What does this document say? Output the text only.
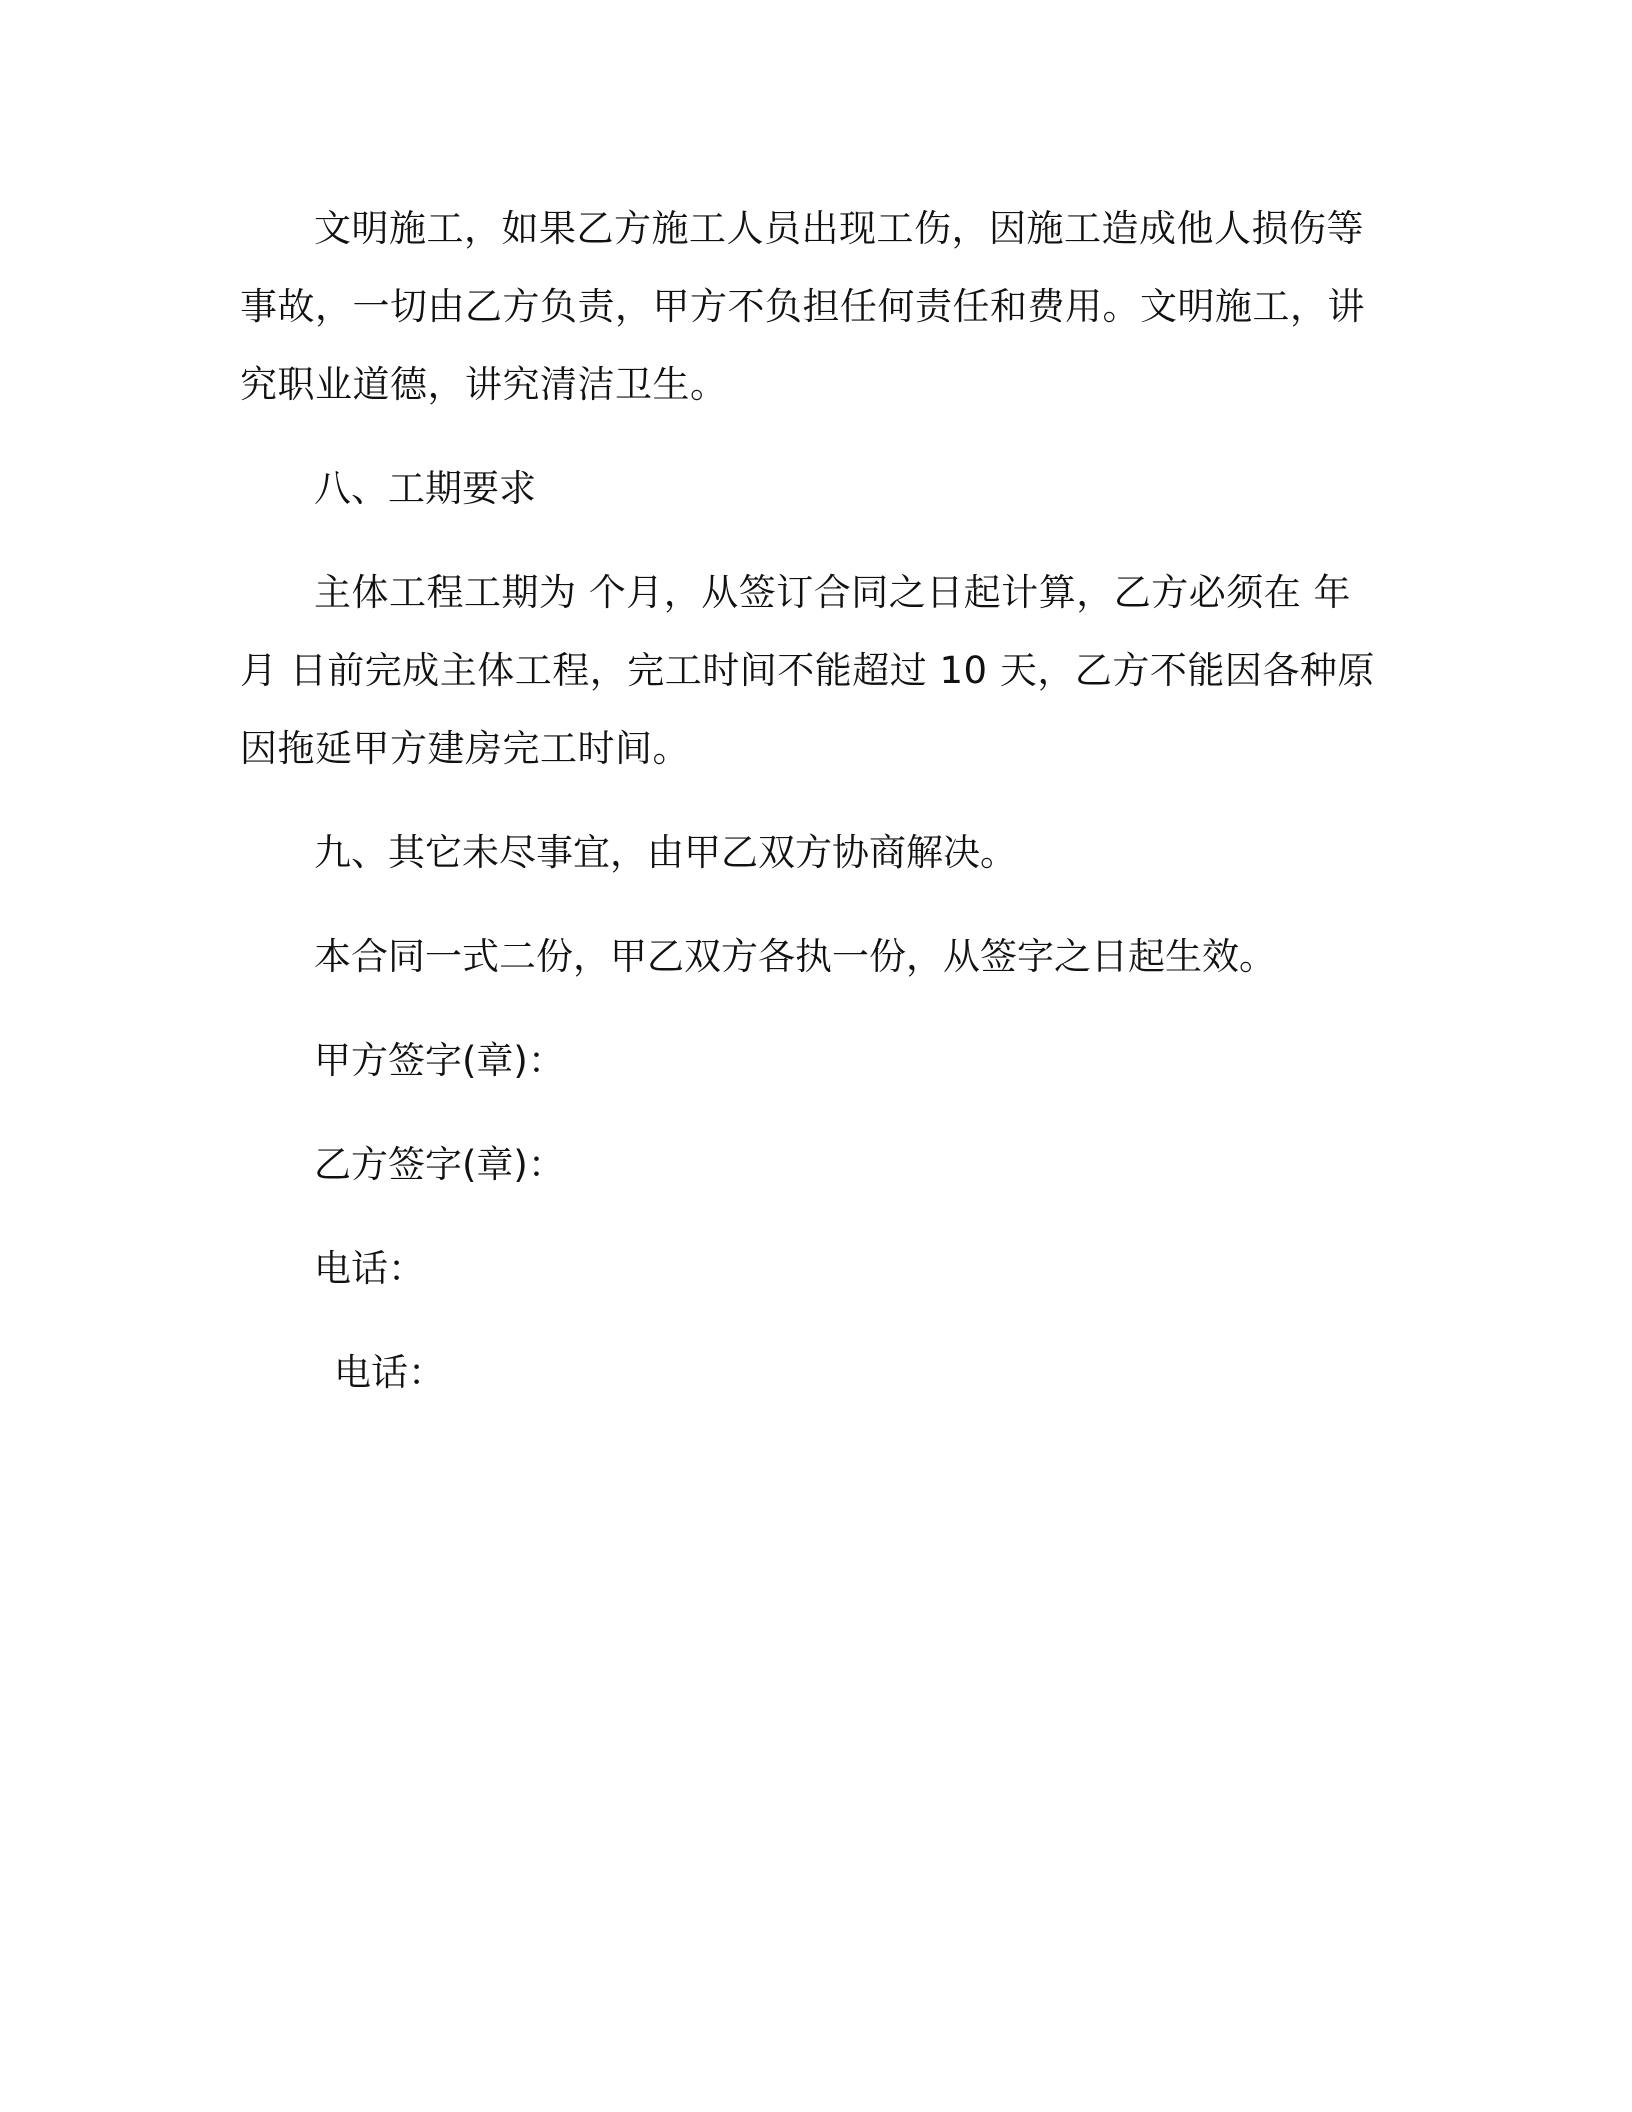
文明施工，如果乙方施工人员出现工伤，因施工造成他人损伤等事故，一切由乙方负责，甲方不负担任何责任和费用。文明施工，讲究职业道德，讲究清洁卫生。

八、工期要求

主体工程工期为 个月，从签订合同之日起计算，乙方必须在 年 月 日前完成主体工程，完工时间不能超过 10 天，乙方不能因各种原因拖延甲方建房完工时间。

九、其它未尽事宜，由甲乙双方协商解决。

本合同一式二份，甲乙双方各执一份，从签字之日起生效。

甲方签字(章)：
乙方签字(章)：
电话：
电话：
